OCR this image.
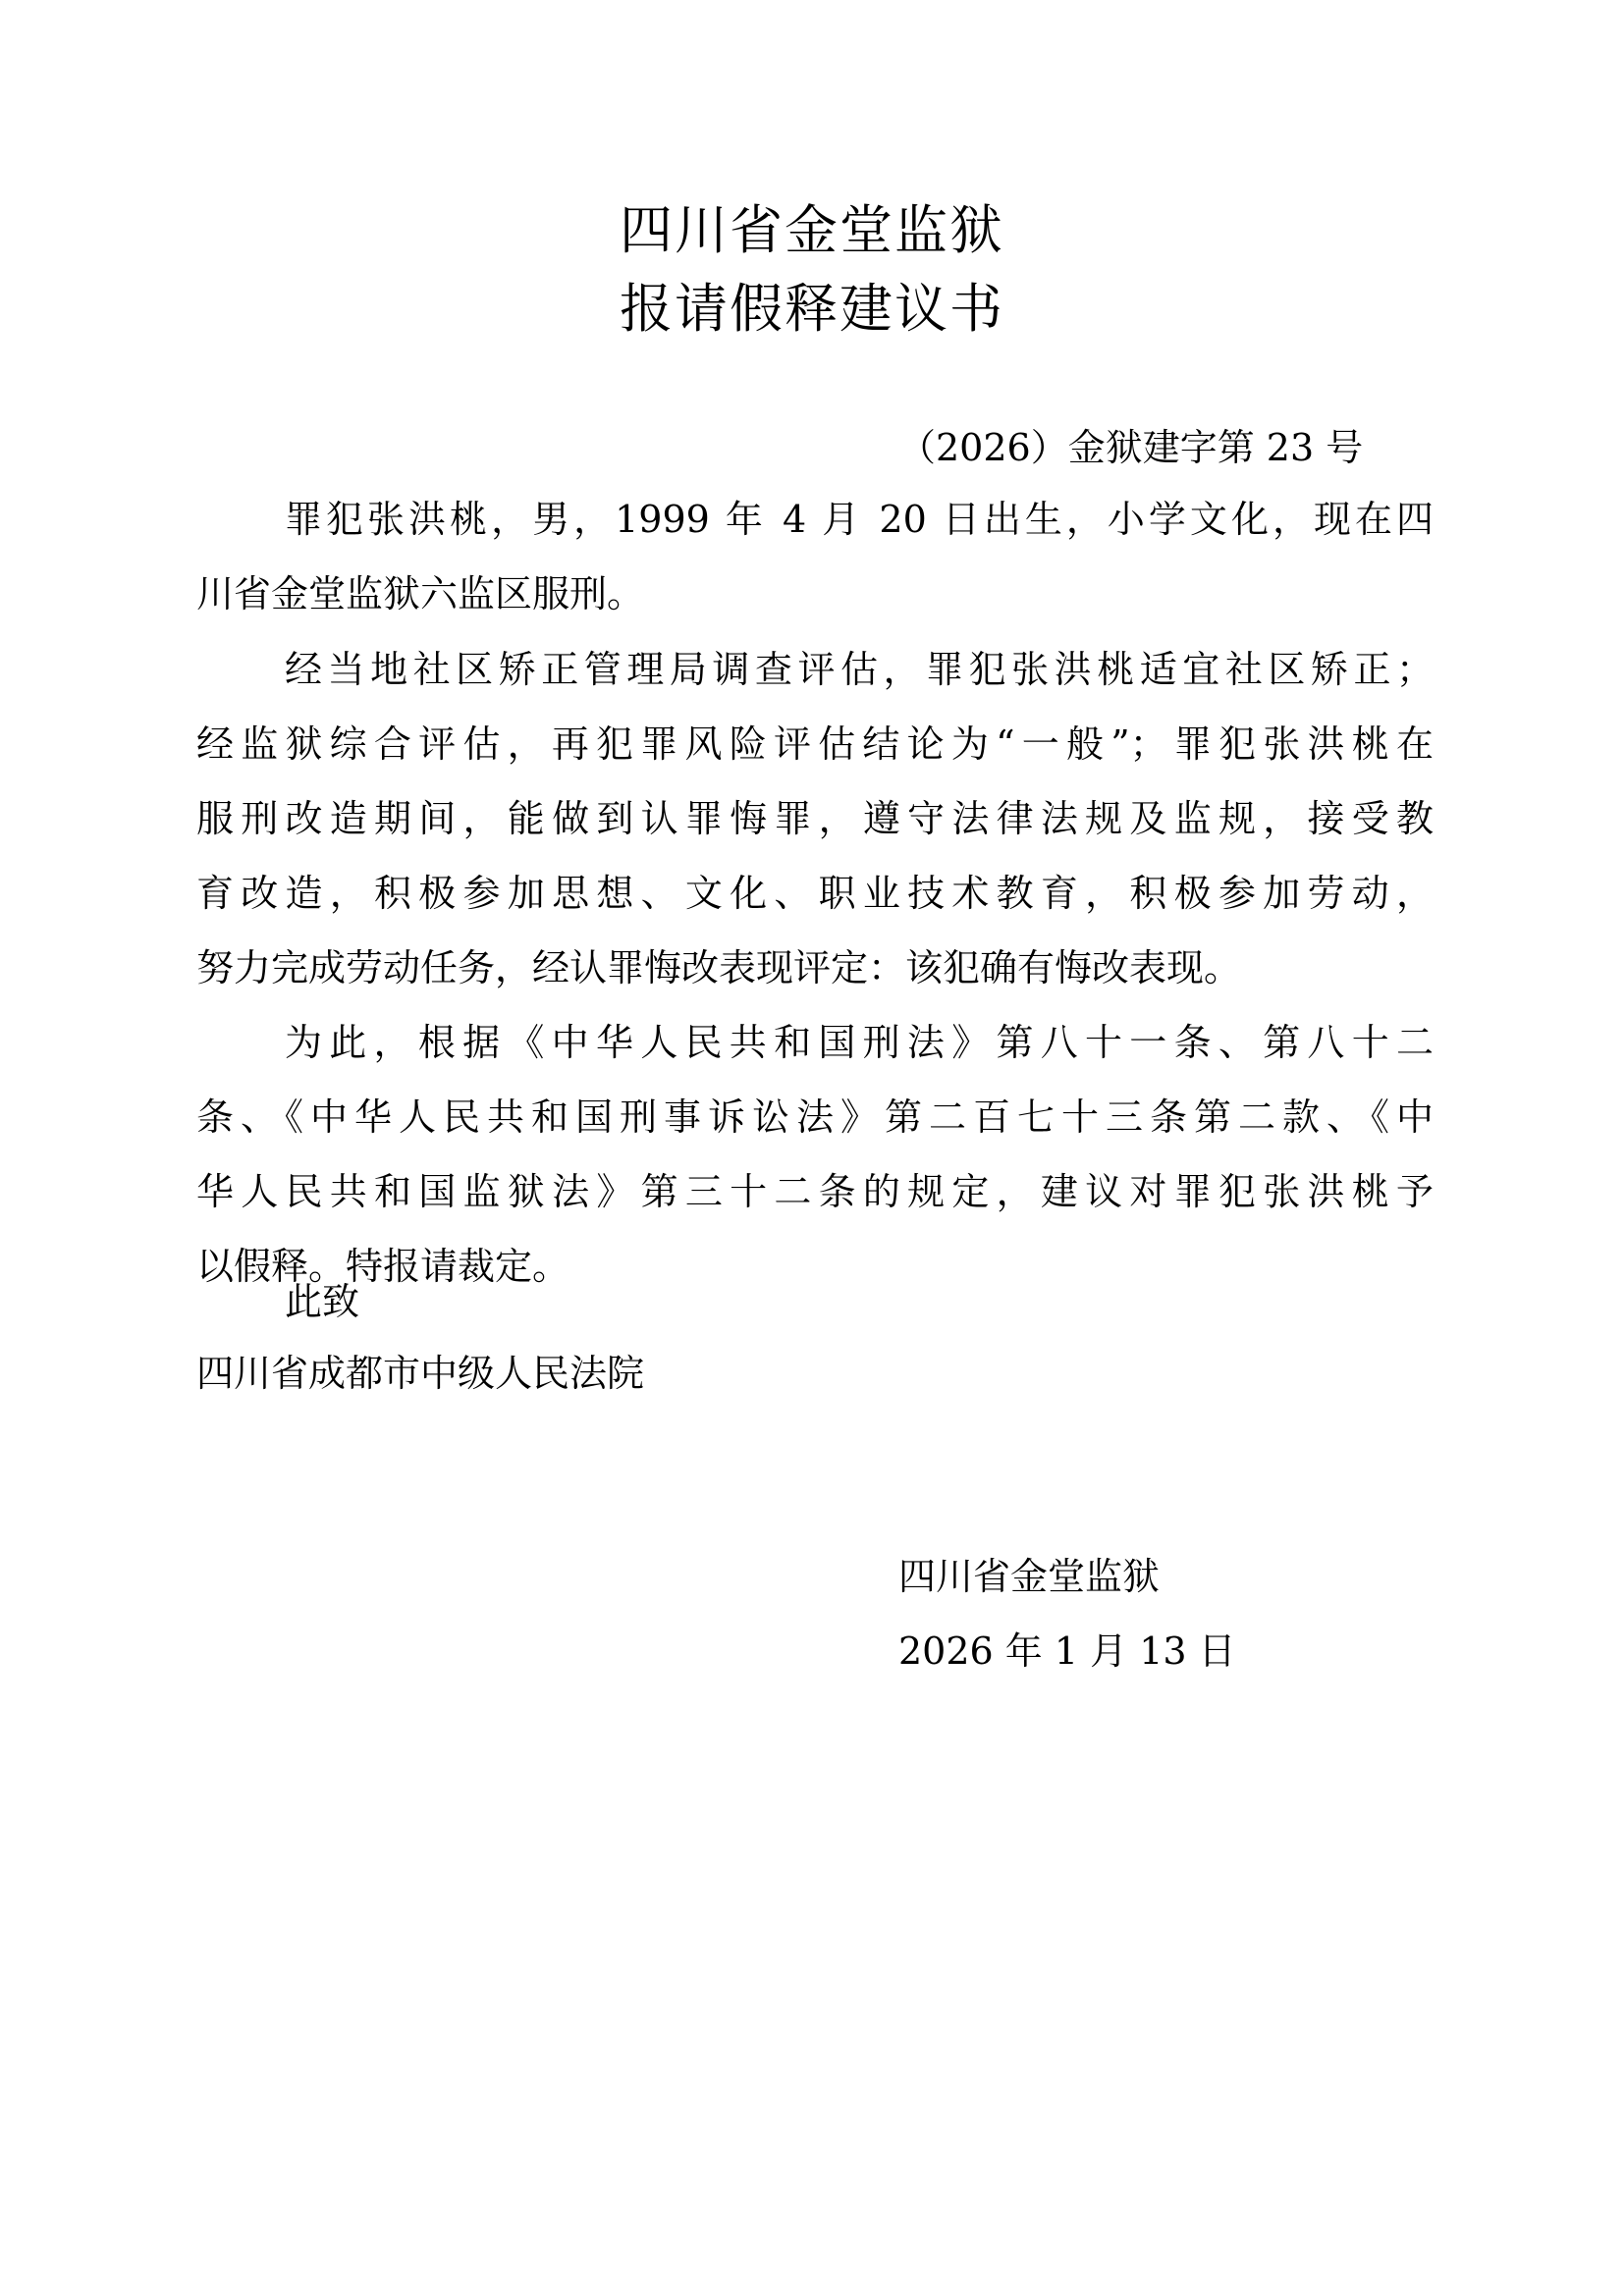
四川省金堂监狱
报请假释建议书
（2026）金狱建字第 23 号
罪犯张洪桃，男，1999 年 4 月 20 日出生，小学文化，现在四
川省金堂监狱六监区服刑。
经当地社区矫正管理局调查评估，罪犯张洪桃适宜社区矫正；
经监狱综合评估，再犯罪风险评估结论为“一般”；罪犯张洪桃在
服刑改造期间，能做到认罪悔罪，遵守法律法规及监规，接受教
育改造，积极参加思想、文化、职业技术教育，积极参加劳动，
努力完成劳动任务，经认罪悔改表现评定：该犯确有悔改表现。
为此，根据《中华人民共和国刑法》第八十一条、第八十二
条、《中华人民共和国刑事诉讼法》第二百七十三条第二款、《中
华人民共和国监狱法》第三十二条的规定，建议对罪犯张洪桃予
以假释。特报请裁定。
此致
四川省成都市中级人民法院
四川省金堂监狱
2026 年 1 月 13 日
